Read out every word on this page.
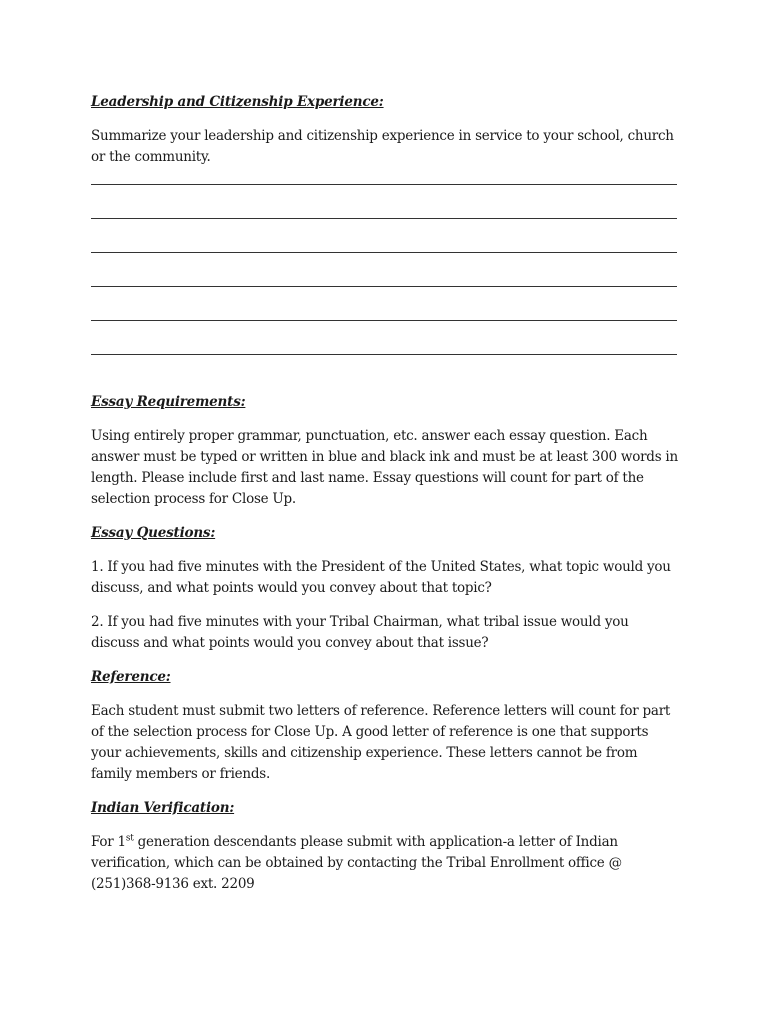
Leadership and Citizenship Experience:

Summarize your leadership and citizenship experience in service to your school, church or the community.

Essay Requirements:

Using entirely proper grammar, punctuation, etc. answer each essay question. Each answer must be typed or written in blue and black ink and must be at least 300 words in length. Please include first and last name. Essay questions will count for part of the selection process for Close Up.

Essay Questions:

1. If you had five minutes with the President of the United States, what topic would you discuss, and what points would you convey about that topic?

2. If you had five minutes with your Tribal Chairman, what tribal issue would you discuss and what points would you convey about that issue?

Reference:

Each student must submit two letters of reference. Reference letters will count for part of the selection process for Close Up. A good letter of reference is one that supports your achievements, skills and citizenship experience. These letters cannot be from family members or friends.

Indian Verification:

For 1st generation descendants please submit with application-a letter of Indian verification, which can be obtained by contacting the Tribal Enrollment office @ (251)368-9136 ext. 2209
